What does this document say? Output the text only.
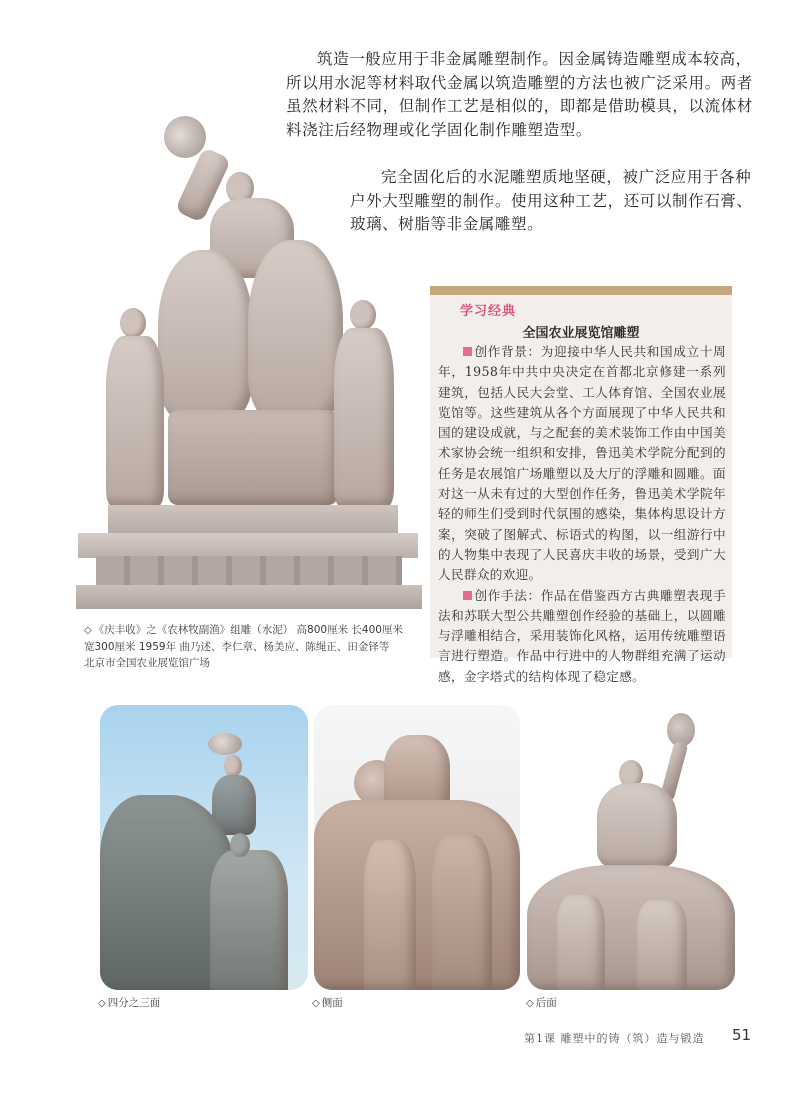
筑造一般应用于非金属雕塑制作。因金属铸造雕塑成本较高，所以用水泥等材料取代金属以筑造雕塑的方法也被广泛采用。两者虽然材料不同，但制作工艺是相似的，即都是借助模具，以流体材料浇注后经物理或化学固化制作雕塑造型。

完全固化后的水泥雕塑质地坚硬，被广泛应用于各种户外大型雕塑的制作。使用这种工艺，还可以制作石膏、玻璃、树脂等非金属雕塑。

◇ 《庆丰收》之《农林牧副渔》组雕（水泥） 高800厘米 长400厘米
宽300厘米 1959年 曲乃述、李仁章、杨美应、陈绳正、田金铎等
北京市全国农业展览馆广场
学习经典
全国农业展览馆雕塑

创作背景：为迎接中华人民共和国成立十周年，1958年中共中央决定在首都北京修建一系列建筑，包括人民大会堂、工人体育馆、全国农业展览馆等。这些建筑从各个方面展现了中华人民共和国的建设成就，与之配套的美术装饰工作由中国美术家协会统一组织和安排，鲁迅美术学院分配到的任务是农展馆广场雕塑以及大厅的浮雕和圆雕。面对这一从未有过的大型创作任务，鲁迅美术学院年轻的师生们受到时代氛围的感染，集体构思设计方案，突破了图解式、标语式的构图，以一组游行中的人物集中表现了人民喜庆丰收的场景，受到广大人民群众的欢迎。

创作手法：作品在借鉴西方古典雕塑表现手法和苏联大型公共雕塑创作经验的基础上，以圆雕与浮雕相结合，采用装饰化风格，运用传统雕塑语言进行塑造。作品中行进中的人物群组充满了运动感，金字塔式的结构体现了稳定感。

◇ 四分之三面	◇ 侧面	◇ 后面
第1课 雕塑中的铸（筑）造与锻造 51
